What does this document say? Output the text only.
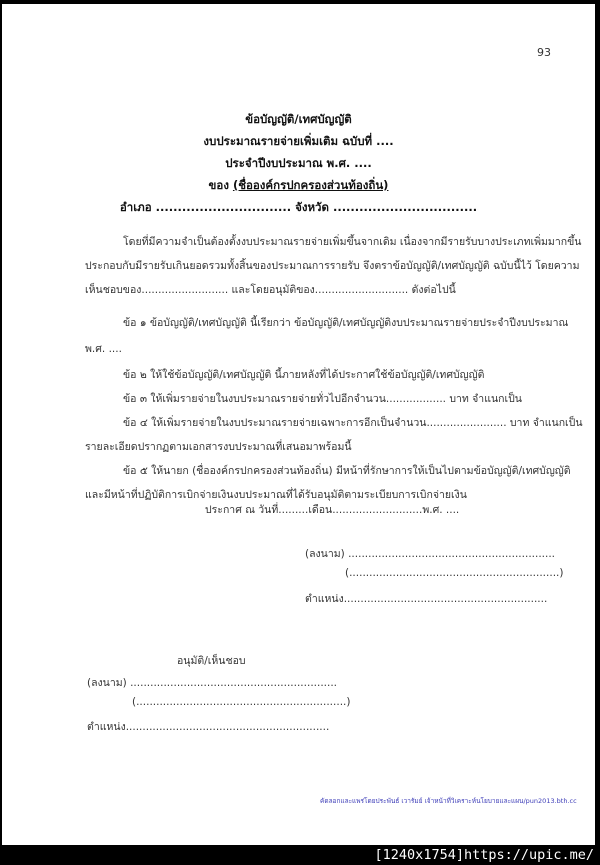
93
ข้อบัญญัติ/เทศบัญญัติ
งบประมาณรายจ่ายเพิ่มเติม ฉบับที่ ....
ประจำปีงบประมาณ พ.ศ. ....
ของ (ชื่อองค์กรปกครองส่วนท้องถิ่น)
อำเภอ ............................... จังหวัด .................................
โดยที่มีความจำเป็นต้องตั้งงบประมาณรายจ่ายเพิ่มขึ้นจากเดิม เนื่องจากมีรายรับบางประเภทเพิ่มมากขึ้น
ประกอบกับมีรายรับเกินยอดรวมทั้งสิ้นของประมาณการรายรับ จึงตราข้อบัญญัติ/เทศบัญญัติ ฉบับนี้ไว้ โดยความ
เห็นชอบของ.......................... และโดยอนุมัติของ............................ ดังต่อไปนี้
ข้อ ๑ ข้อบัญญัติ/เทศบัญญัติ นี้เรียกว่า ข้อบัญญัติ/เทศบัญญัติงบประมาณรายจ่ายประจำปีงบประมาณ
พ.ศ. ....
ข้อ ๒ ให้ใช้ข้อบัญญัติ/เทศบัญญัติ นี้ภายหลังที่ได้ประกาศใช้ข้อบัญญัติ/เทศบัญญัติ
ข้อ ๓ ให้เพิ่มรายจ่ายในงบประมาณรายจ่ายทั่วไปอีกจำนวน.................. บาท จำแนกเป็น
ข้อ ๔ ให้เพิ่มรายจ่ายในงบประมาณรายจ่ายเฉพาะการอีกเป็นจำนวน........................ บาท จำแนกเป็น
รายละเอียดปรากฏตามเอกสารงบประมาณที่เสนอมาพร้อมนี้
ข้อ ๕ ให้นายก (ชื่อองค์กรปกครองส่วนท้องถิ่น) มีหน้าที่รักษาการให้เป็นไปตามข้อบัญญัติ/เทศบัญญัติ
และมีหน้าที่ปฏิบัติการเบิกจ่ายเงินงบประมาณที่ได้รับอนุมัติตามระเบียบการเบิกจ่ายเงิน
ประกาศ ณ วันที่.........เดือน...........................พ.ศ. ....
(ลงนาม) ..............................................................
(...............................................................)
ตำแหน่ง.............................................................
อนุมัติ/เห็นชอบ
(ลงนาม) ..............................................................
(...............................................................)
ตำแหน่ง.............................................................
คัดลอกและแพร่โดยประพันธ์ เวารัมย์ เจ้าหน้าที่วิเคราะห์นโยบายและแผน/pun2013.bth.cc
[1240x1754]https://upic.me/
